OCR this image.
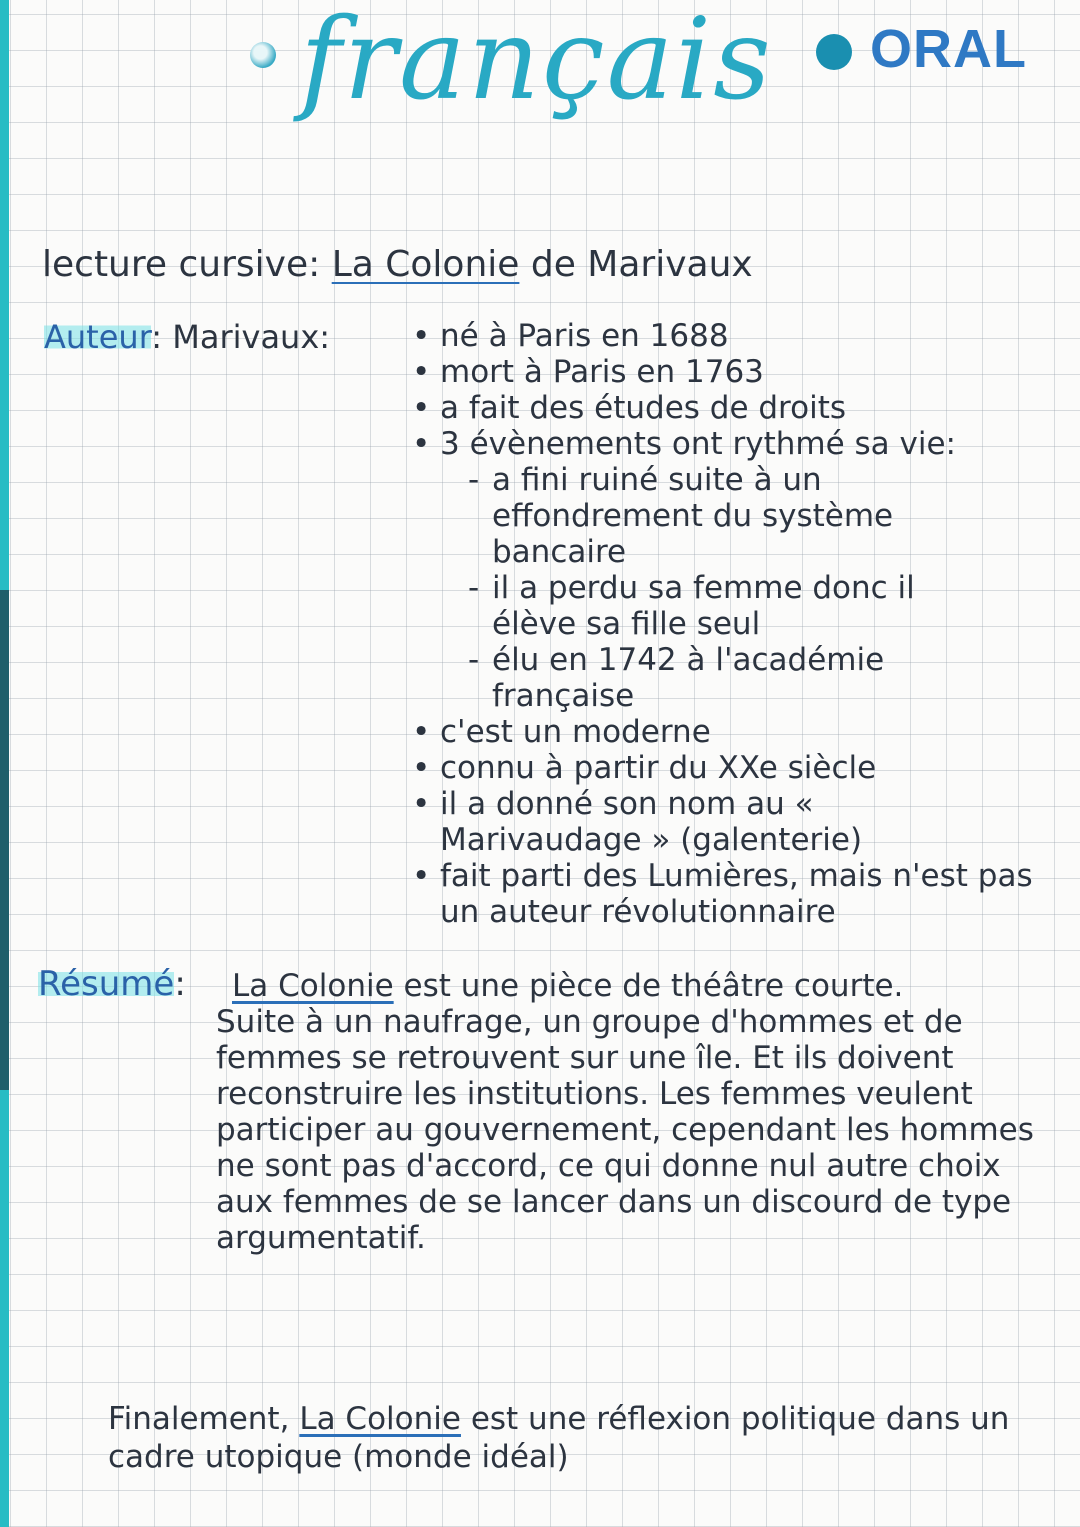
français ORAL
lecture cursive: La Colonie de Marivaux
Auteur: Marivaux:
•	né à Paris en 1688
• mort à Paris en 1763
• a fait des études de droits
• 3 évènements ont rythmé sa vie:
- a fini ruiné suite à un effondrement du système bancaire
- il a perdu sa femme donc il élève sa fille seul
- élu en 1742 à l'académie française
• c'est un moderne
• connu à partir du XXe siècle
• il a donné son nom au « Marivaudage » (galenterie)
• fait parti des Lumières, mais n'est pas un auteur révolutionnaire
Résumé: La Colonie est une pièce de théâtre courte.
Suite à un naufrage, un groupe d'hommes et de femmes se retrouvent sur une île. Et ils doivent reconstruire les institutions. Les femmes veulent participer au gouvernement, cependant les hommes ne sont pas d'accord, ce qui donne nul autre choix aux femmes de se lancer dans un discourd de type argumentatif.

Finalement, La Colonie est une réflexion politique dans un cadre utopique (monde idéal)
